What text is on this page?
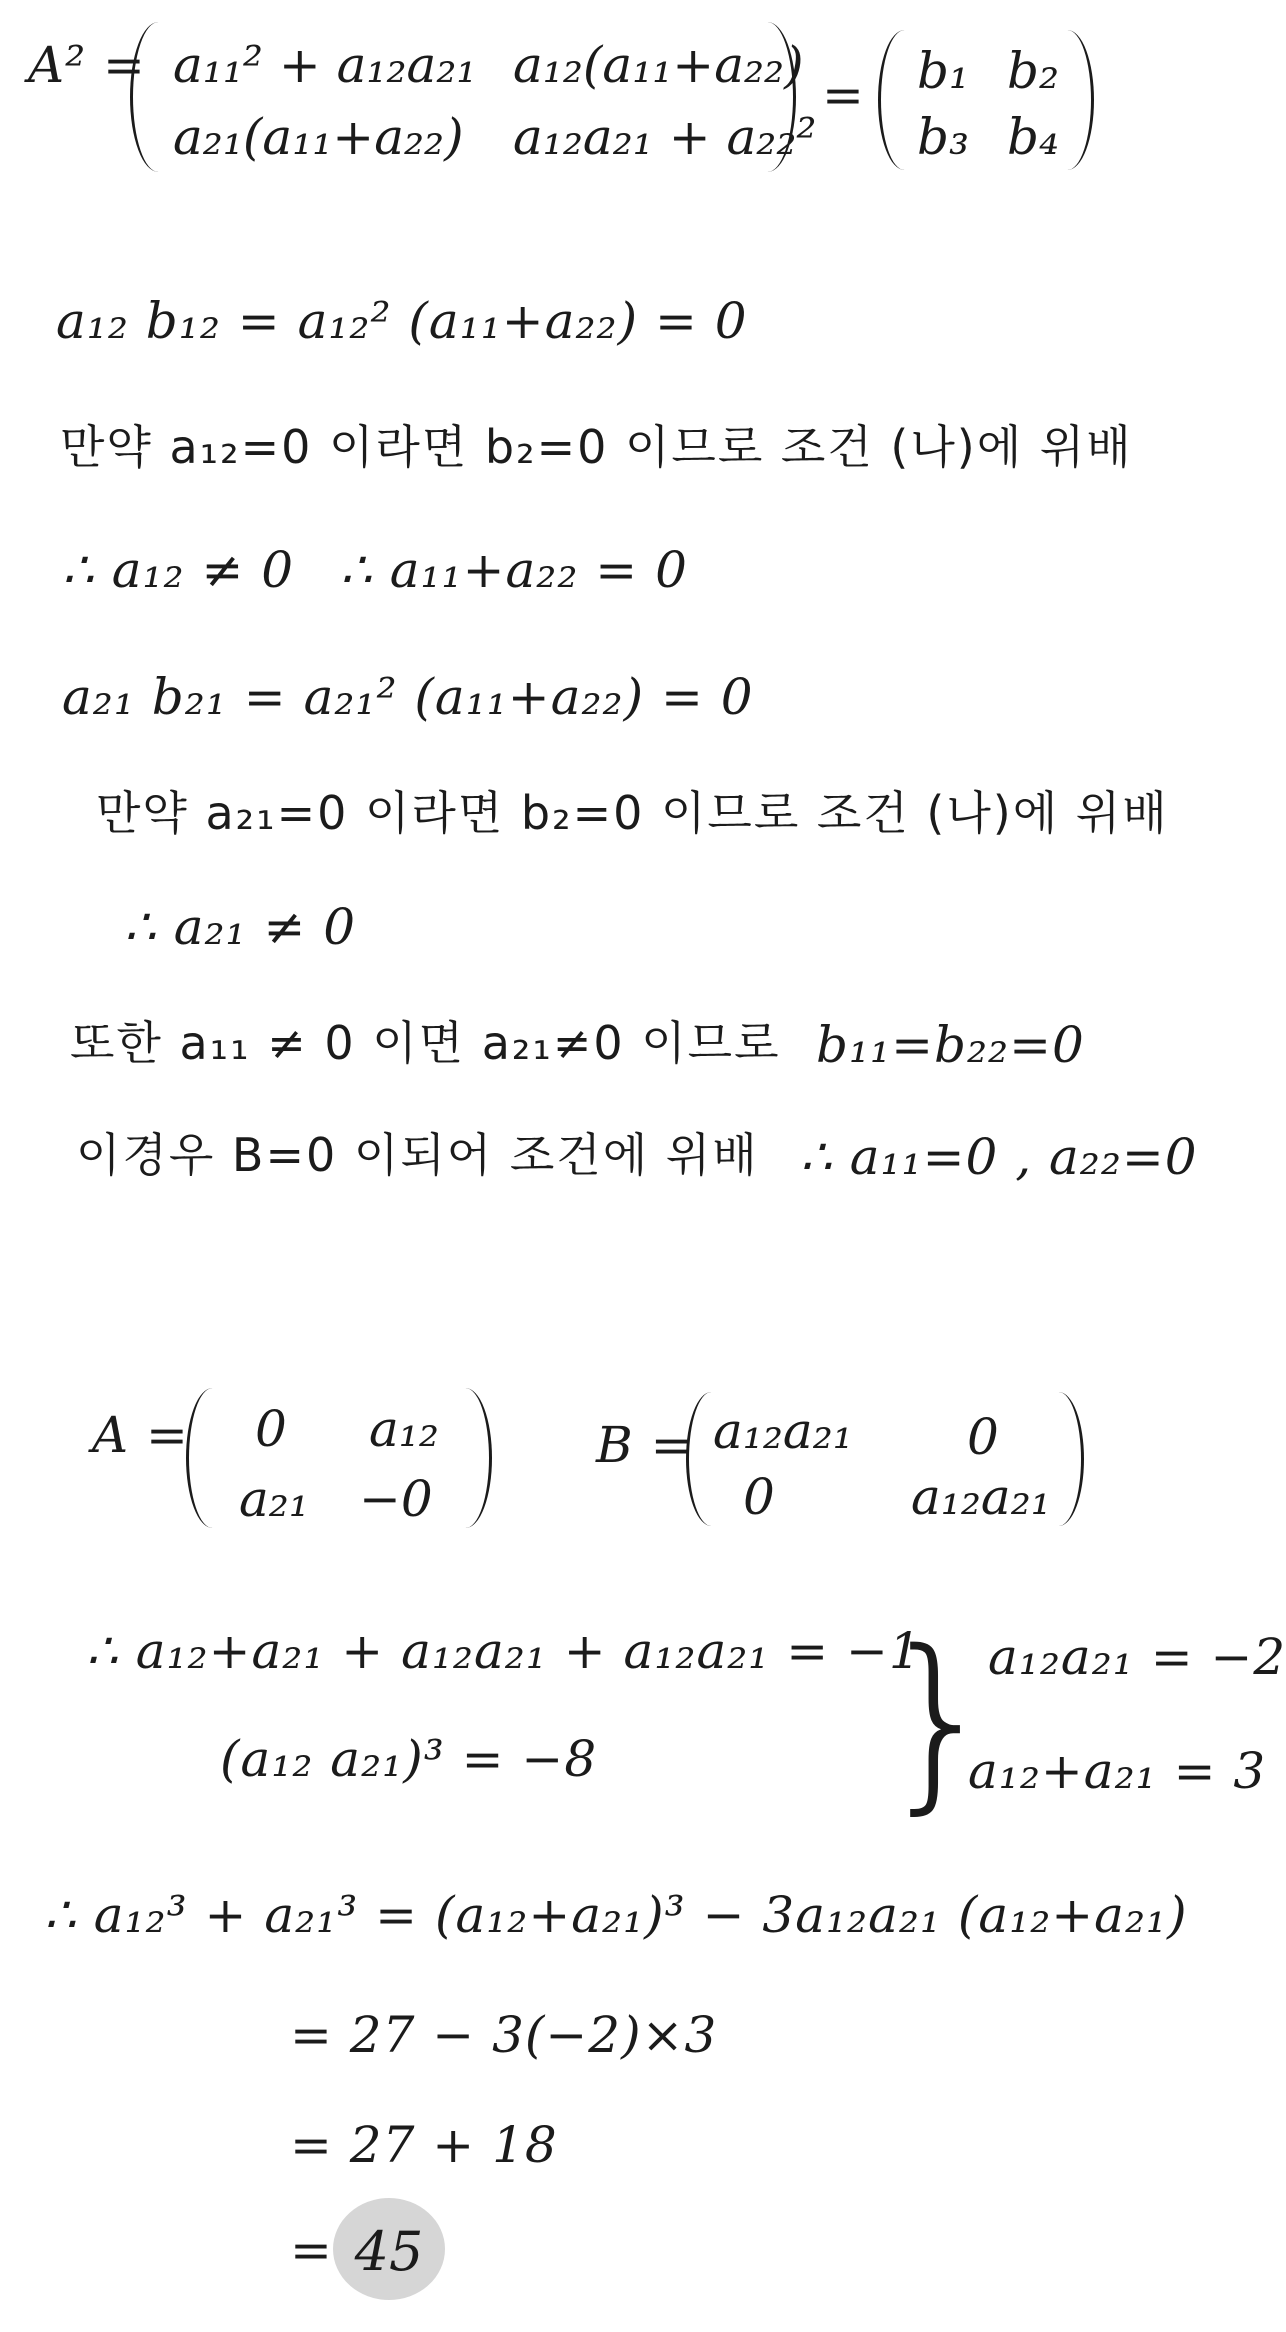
A² = a₁₁² + a₁₂a₂₁ a₁₂(a₁₁+a₂₂)
a₂₁(a₁₁+a₂₂) a₁₂a₂₁ + a₂₂²
= b₁ b₂
b₃ b₄
a₁₂ b₁₂ = a₁₂² (a₁₁+a₂₂) = 0
만약 a₁₂=0 이라면 b₂=0 이므로 조건 (나)에 위배
∴ a₁₂ ≠ 0 ∴ a₁₁+a₂₂ = 0
a₂₁ b₂₁ = a₂₁² (a₁₁+a₂₂) = 0
만약 a₂₁=0 이라면 b₂=0 이므로 조건 (나)에 위배
∴ a₂₁ ≠ 0
또한 a₁₁ ≠ 0 이면 a₂₁≠0 이므로 b₁₁=b₂₂=0
이경우 B=0 이되어 조건에 위배 ∴ a₁₁=0 , a₂₂=0
A = 0 a₁₂
a₂₁ −0
B = a₁₂a₂₁ 0
0	a₁₂a₂₁
∴ a₁₂+a₂₁ + a₁₂a₂₁ + a₁₂a₂₁ = −1
(a₁₂ a₂₁)³ = −8 }
a₁₂a₂₁ = −2
a₁₂+a₂₁ = 3
∴ a₁₂³ + a₂₁³ = (a₁₂+a₂₁)³ − 3a₁₂a₂₁ (a₁₂+a₂₁)
= 27 − 3(−2)×3
= 27 + 18
= 45
